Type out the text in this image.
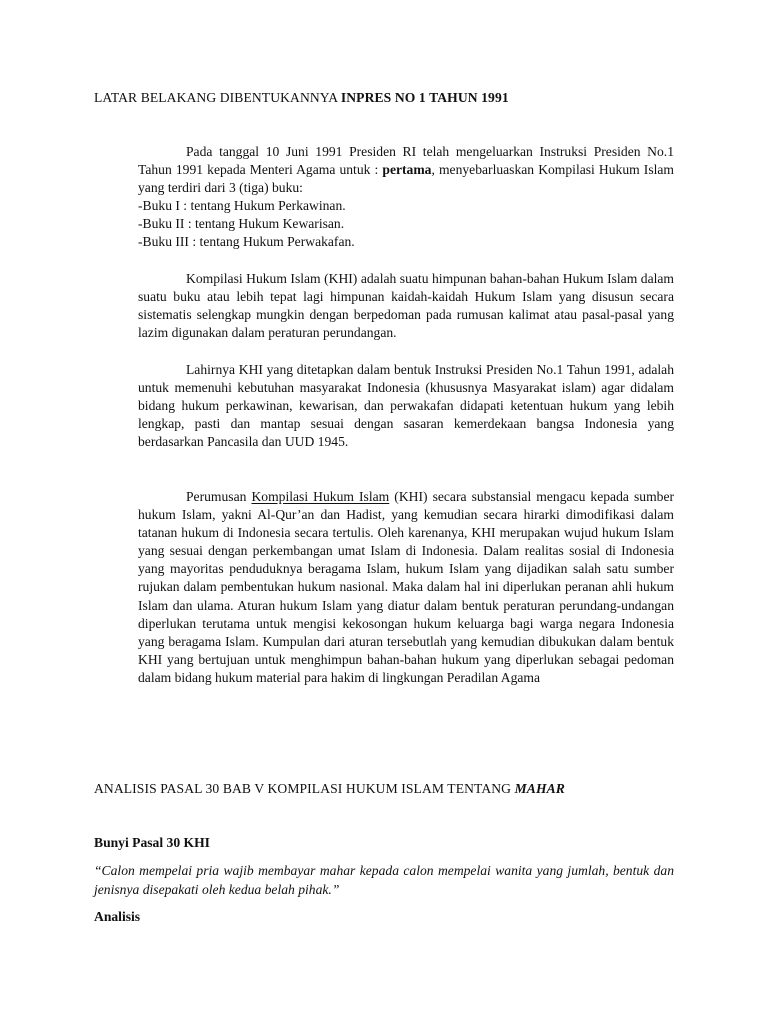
LATAR BELAKANG DIBENTUKANNYA INPRES NO 1 TAHUN 1991

Pada tanggal 10 Juni 1991 Presiden RI telah mengeluarkan Instruksi Presiden No.1 Tahun 1991 kepada Menteri Agama untuk : pertama, menyebarluaskan Kompilasi Hukum Islam yang terdiri dari 3 (tiga) buku:

-Buku I : tentang Hukum Perkawinan.
-Buku II : tentang Hukum Kewarisan.
-Buku III : tentang Hukum Perwakafan.

Kompilasi Hukum Islam (KHI) adalah suatu himpunan bahan-bahan Hukum Islam dalam suatu buku atau lebih tepat lagi himpunan kaidah-kaidah Hukum Islam yang disusun secara sistematis selengkap mungkin dengan berpedoman pada rumusan kalimat atau pasal-pasal yang lazim digunakan dalam peraturan perundangan.

Lahirnya KHI yang ditetapkan dalam bentuk Instruksi Presiden No.1 Tahun 1991, adalah untuk memenuhi kebutuhan masyarakat Indonesia (khususnya Masyarakat islam) agar didalam bidang hukum perkawinan, kewarisan, dan perwakafan didapati ketentuan hukum yang lebih lengkap, pasti dan mantap sesuai dengan sasaran kemerdekaan bangsa Indonesia yang berdasarkan Pancasila dan UUD 1945.

Perumusan Kompilasi Hukum Islam (KHI) secara substansial mengacu kepada sumber hukum Islam, yakni Al-Qur’an dan Hadist, yang kemudian secara hirarki dimodifikasi dalam tatanan hukum di Indonesia secara tertulis. Oleh karenanya, KHI merupakan wujud hukum Islam yang sesuai dengan perkembangan umat Islam di Indonesia. Dalam realitas sosial di Indonesia yang mayoritas penduduknya beragama Islam, hukum Islam yang dijadikan salah satu sumber rujukan dalam pembentukan hukum nasional. Maka dalam hal ini diperlukan peranan ahli hukum Islam dan ulama. Aturan hukum Islam yang diatur dalam bentuk peraturan perundang-undangan diperlukan terutama untuk mengisi kekosongan hukum keluarga bagi warga negara Indonesia yang beragama Islam. Kumpulan dari aturan tersebutlah yang kemudian dibukukan dalam bentuk KHI yang bertujuan untuk menghimpun bahan-bahan hukum yang diperlukan sebagai pedoman dalam bidang hukum material para hakim di lingkungan Peradilan Agama

ANALISIS PASAL 30 BAB V KOMPILASI HUKUM ISLAM TENTANG MAHAR
Bunyi Pasal 30 KHI
“Calon mempelai pria wajib membayar mahar kepada calon mempelai wanita yang jumlah, bentuk dan jenisnya disepakati oleh kedua belah pihak.”
Analisis
